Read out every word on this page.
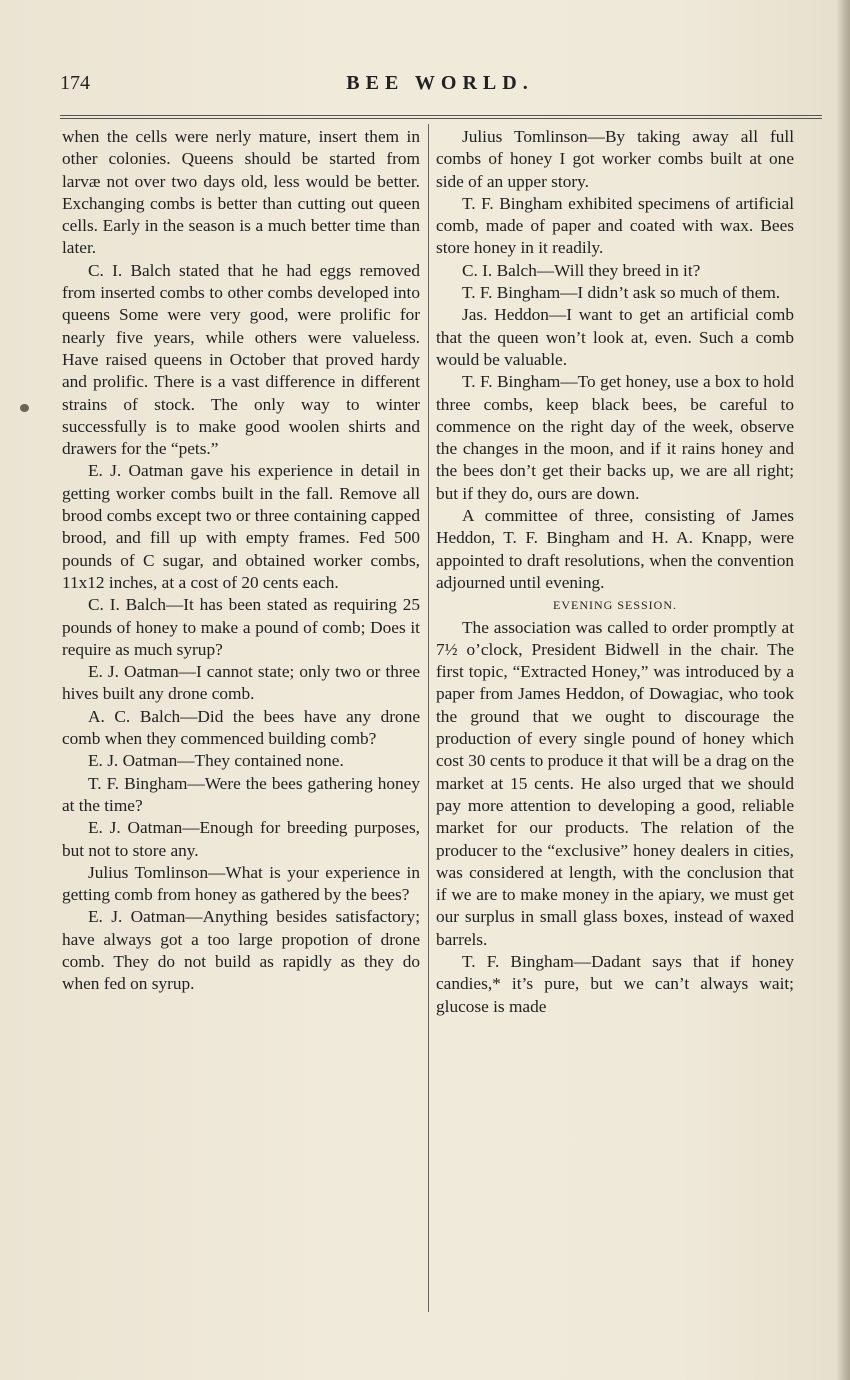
174	BEE WORLD.

when the cells were nerly mature, insert them in other colonies. Queens should be started from larvæ not over two days old, less would be better. Exchanging combs is better than cutting out queen cells. Early in the season is a much better time than later.

C. I. Balch stated that he had eggs removed from inserted combs to other combs developed into queens Some were very good, were prolific for nearly five years, while others were valueless. Have raised queens in October that proved hardy and prolific. There is a vast difference in different strains of stock. The only way to winter successfully is to make good woolen shirts and drawers for the “pets.”

E. J. Oatman gave his experience in detail in getting worker combs built in the fall. Remove all brood combs except two or three containing capped brood, and fill up with empty frames. Fed 500 pounds of C sugar, and obtained worker combs, 11x12 inches, at a cost of 20 cents each.

C. I. Balch—It has been stated as requiring 25 pounds of honey to make a pound of comb; Does it require as much syrup?

E. J. Oatman—I cannot state; only two or three hives built any drone comb.

A. C. Balch—Did the bees have any drone comb when they commenced building comb?

E. J. Oatman—They contained none.

T. F. Bingham—Were the bees gathering honey at the time?

E. J. Oatman—Enough for breeding purposes, but not to store any.

Julius Tomlinson—What is your experience in getting comb from honey as gathered by the bees?

E. J. Oatman—Anything besides satisfactory; have always got a too large propotion of drone comb. They do not build as rapidly as they do when fed on syrup.

Julius Tomlinson—By taking away all full combs of honey I got worker combs built at one side of an upper story.

T. F. Bingham exhibited specimens of artificial comb, made of paper and coated with wax. Bees store honey in it readily.

C. I. Balch—Will they breed in it?

T. F. Bingham—I didn’t ask so much of them.

Jas. Heddon—I want to get an artificial comb that the queen won’t look at, even. Such a comb would be valuable.

T. F. Bingham—To get honey, use a box to hold three combs, keep black bees, be careful to commence on the right day of the week, observe the changes in the moon, and if it rains honey and the bees don’t get their backs up, we are all right; but if they do, ours are down.

A committee of three, consisting of James Heddon, T. F. Bingham and H. A. Knapp, were appointed to draft resolutions, when the convention adjourned until evening.

EVENING SESSION.

The association was called to order promptly at 7½ o’clock, President Bidwell in the chair. The first topic, “Extracted Honey,” was introduced by a paper from James Heddon, of Dowagiac, who took the ground that we ought to discourage the production of every single pound of honey which cost 30 cents to produce it that will be a drag on the market at 15 cents. He also urged that we should pay more attention to developing a good, reliable market for our products. The relation of the producer to the “exclusive” honey dealers in cities, was considered at length, with the conclusion that if we are to make money in the apiary, we must get our surplus in small glass boxes, instead of waxed barrels.

T. F. Bingham—Dadant says that if honey candies,* it’s pure, but we can’t always wait; glucose is made
